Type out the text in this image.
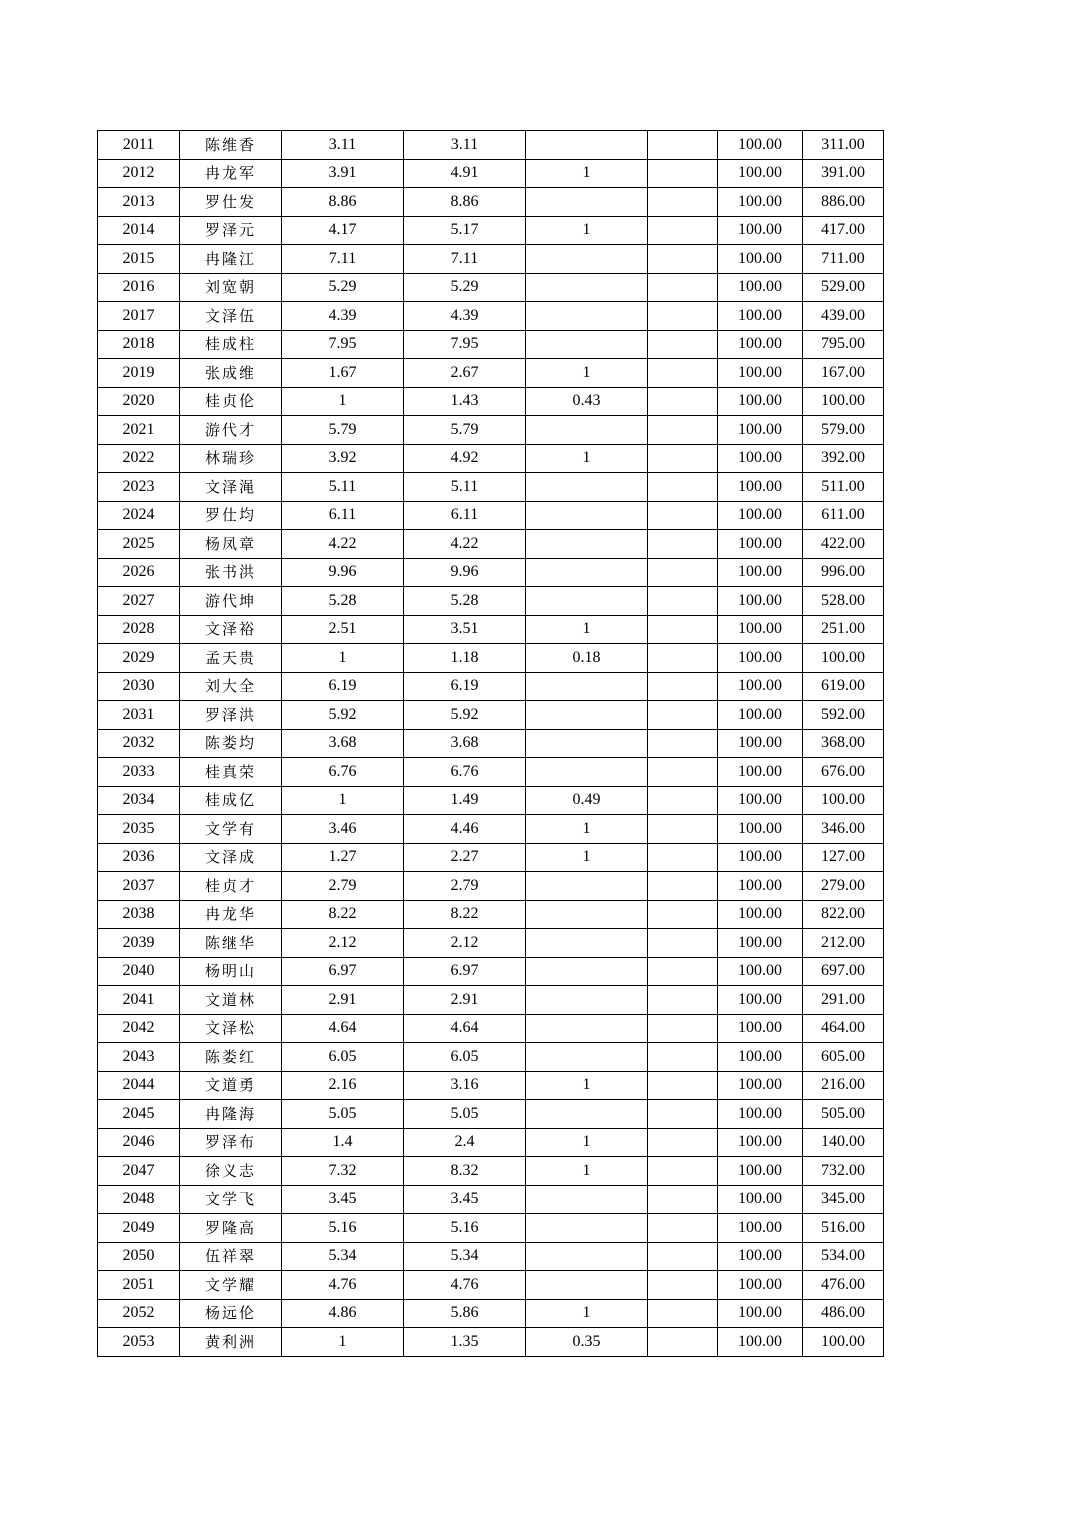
2011	陈维香	3.11	3.11			100.00	311.00
2012	冉龙军	3.91	4.91	1		100.00	391.00
2013	罗仕发	8.86	8.86			100.00	886.00
2014	罗泽元	4.17	5.17	1		100.00	417.00
2015	冉隆江	7.11	7.11			100.00	711.00
2016	刘宽朝	5.29	5.29			100.00	529.00
2017	文泽伍	4.39	4.39			100.00	439.00
2018	桂成柱	7.95	7.95			100.00	795.00
2019	张成维	1.67	2.67	1		100.00	167.00
2020	桂贞伦	1	1.43	0.43		100.00	100.00
2021	游代才	5.79	5.79			100.00	579.00
2022	林瑞珍	3.92	4.92	1		100.00	392.00
2023	文泽渑	5.11	5.11			100.00	511.00
2024	罗仕均	6.11	6.11			100.00	611.00
2025	杨凤章	4.22	4.22			100.00	422.00
2026	张书洪	9.96	9.96			100.00	996.00
2027	游代坤	5.28	5.28			100.00	528.00
2028	文泽裕	2.51	3.51	1		100.00	251.00
2029	孟天贵	1	1.18	0.18		100.00	100.00
2030	刘大全	6.19	6.19			100.00	619.00
2031	罗泽洪	5.92	5.92			100.00	592.00
2032	陈娄均	3.68	3.68			100.00	368.00
2033	桂真荣	6.76	6.76			100.00	676.00
2034	桂成亿	1	1.49	0.49		100.00	100.00
2035	文学有	3.46	4.46	1		100.00	346.00
2036	文泽成	1.27	2.27	1		100.00	127.00
2037	桂贞才	2.79	2.79			100.00	279.00
2038	冉龙华	8.22	8.22			100.00	822.00
2039	陈继华	2.12	2.12			100.00	212.00
2040	杨明山	6.97	6.97			100.00	697.00
2041	文道林	2.91	2.91			100.00	291.00
2042	文泽松	4.64	4.64			100.00	464.00
2043	陈娄红	6.05	6.05			100.00	605.00
2044	文道勇	2.16	3.16	1		100.00	216.00
2045	冉隆海	5.05	5.05			100.00	505.00
2046	罗泽布	1.4	2.4	1		100.00	140.00
2047	徐义志	7.32	8.32	1		100.00	732.00
2048	文学飞	3.45	3.45			100.00	345.00
2049	罗隆高	5.16	5.16			100.00	516.00
2050	伍祥翠	5.34	5.34			100.00	534.00
2051	文学耀	4.76	4.76			100.00	476.00
2052	杨远伦	4.86	5.86	1		100.00	486.00
2053	黄利洲	1	1.35	0.35		100.00	100.00
